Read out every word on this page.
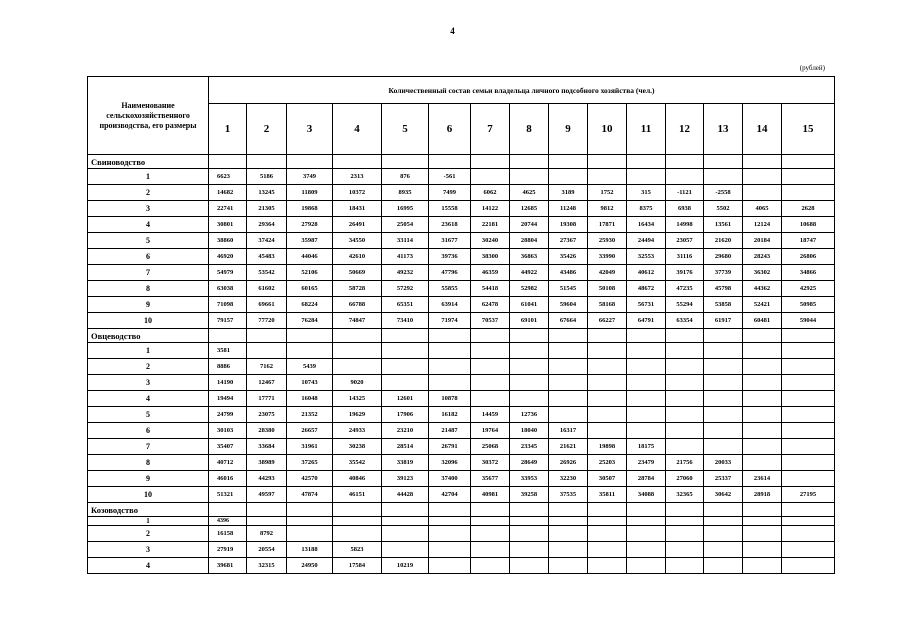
4
(рублей)
Наименование сельскохозяйственного производства, его размеры	Количественный состав семьи владельца личного подсобного хозяйства (чел.)														
	1	2	3	4	5	6	7	8	9	10	11	12	13	14	15
Свиноводство															
1	6623	5186	3749	2313	876	-561									
2	14682	13245	11809	10372	8935	7499	6062	4625	3189	1752	315	-1121	-2558		
3	22741	21305	19868	18431	16995	15558	14122	12685	11248	9812	8375	6938	5502	4065	2628
4	30801	29364	27928	26491	25054	23618	22181	20744	19308	17871	16434	14998	13561	12124	10688
5	38860	37424	35987	34550	33114	31677	30240	28804	27367	25930	24494	23057	21620	20184	18747
6	46920	45483	44046	42610	41173	39736	38300	36863	35426	33990	32553	31116	29680	28243	26806
7	54979	53542	52106	50669	49232	47796	46359	44922	43486	42049	40612	39176	37739	36302	34866
8	63038	61602	60165	58728	57292	55855	54418	52982	51545	50108	48672	47235	45798	44362	42925
9	71098	69661	68224	66788	65351	63914	62478	61041	59604	58168	56731	55294	53858	52421	50985
10	79157	77720	76284	74847	73410	71974	70537	69101	67664	66227	64791	63354	61917	60481	59044
Овцеводство															
1	3581														
2	8886	7162	5439												
3	14190	12467	10743	9020											
4	19494	17771	16048	14325	12601	10878									
5	24799	23075	21352	19629	17906	16182	14459	12736							
6	30103	28380	26657	24933	23210	21487	19764	18040	16317						
7	35407	33684	31961	30238	28514	26791	25068	23345	21621	19898	18175				
8	40712	38989	37265	35542	33819	32096	30372	28649	26926	25203	23479	21756	20033		
9	46016	44293	42570	40846	39123	37400	35677	33953	32230	30507	28784	27060	25337	23614	
10	51321	49597	47874	46151	44428	42704	40981	39258	37535	35811	34088	32365	30642	28918	27195
Козоводство															
1	4396														
2	16158	8792													
3	27919	20554	13188	5823											
4	39681	32315	24950	17584	10219										
